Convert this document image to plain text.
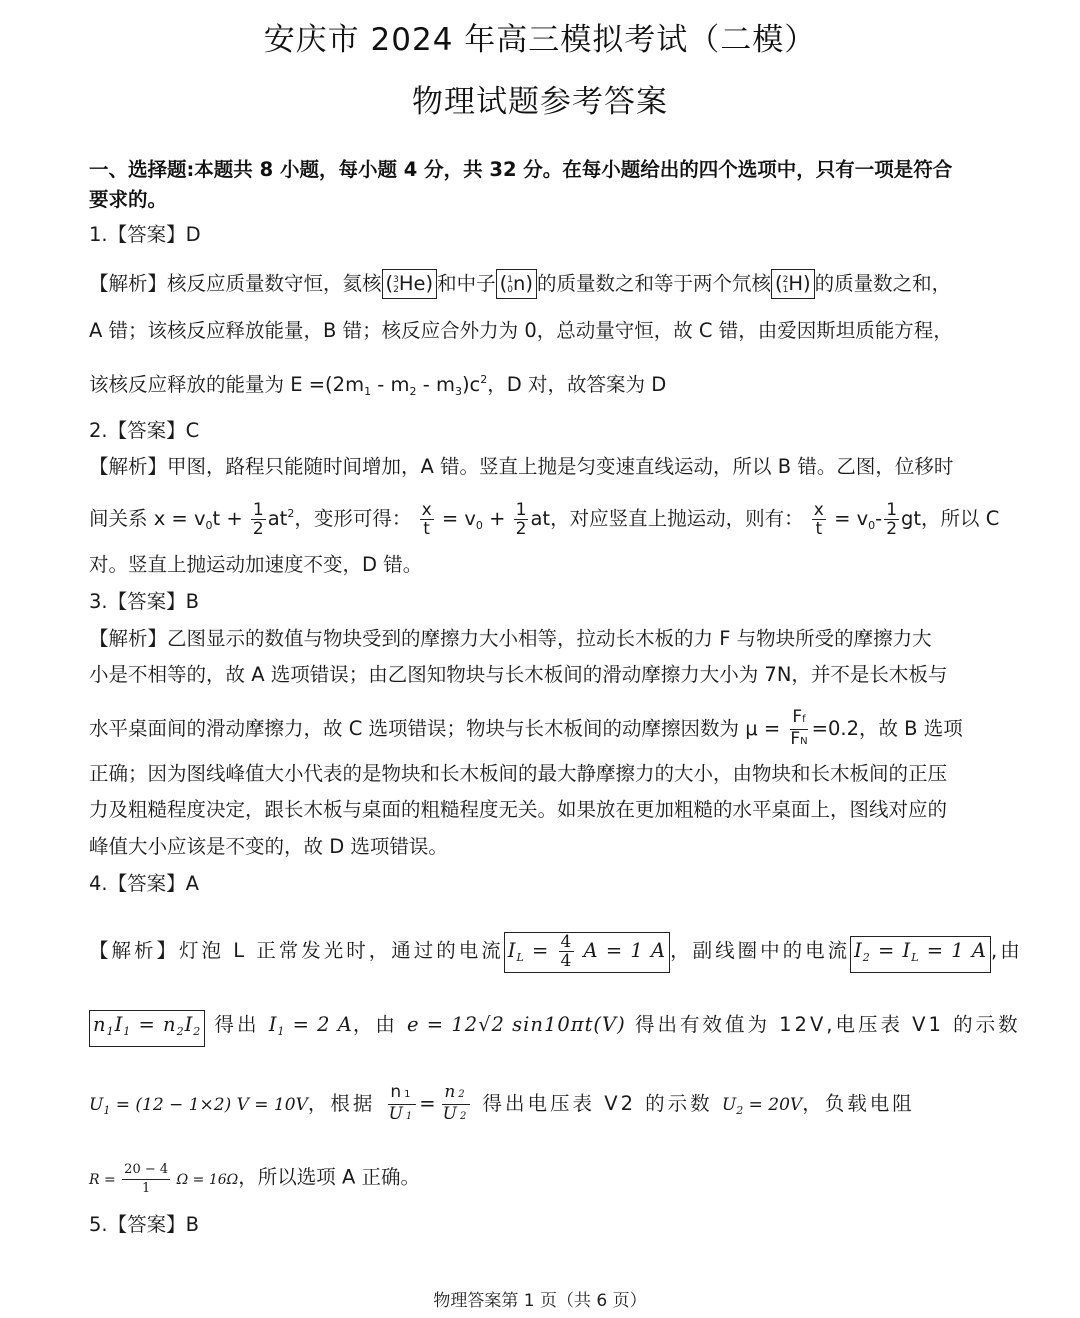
安庆市 2024 年高三模拟考试（二模）
物理试题参考答案
一、选择题:本题共 8 小题，每小题 4 分，共 32 分。在每小题给出的四个选项中，只有一项是符合
要求的。
1.【答案】D
【解析】核反应质量数守恒，氦核 ( 3
2 He) 和中子 ( 1
0 n) 的质量数之和等于两个氘核 ( 2
1 H) 的质量数之和，
A 错；该核反应释放能量，B 错；核反应合外力为 0，总动量守恒，故 C 错，由爱因斯坦质能方程，
该核反应释放的能量为 $E =(2m_1 - m_2 - m_3)c^2$，D 对，故答案为 D
2.【答案】C
【解析】甲图，路程只能随时间增加，A 错。竖直上抛是匀变速直线运动，所以 B 错。乙图，位移时
间关系 $x = v_0t + \frac{1}{2} at^2$，变形可得： $\frac{x}{t} = v_0 + \frac{1}{2}$ at，对应竖直上抛运动，则有： $\frac{x}{t} = v_0- \frac{1}{2}$ gt，所以 C
对。竖直上抛运动加速度不变，D 错。
3.【答案】B
【解析】乙图显示的数值与物块受到的摩擦力大小相等，拉动长木板的力 F 与物块所受的摩擦力大
小是不相等的，故 A 选项错误；由乙图知物块与长木板间的滑动摩擦力大小为 7N，并不是长木板与
水平桌面间的滑动摩擦力，故 C 选项错误；物块与长木板间的动摩擦因数为 $\mu = \frac{Ff}{FN} =0.2$，故 B 选项
正确；因为图线峰值大小代表的是物块和长木板间的最大静摩擦力的大小，由物块和长木板间的正压
力及粗糙程度决定，跟长木板与桌面的粗糙程度无关。如果放在更加粗糙的水平桌面上，图线对应的
峰值大小应该是不变的，故 D 选项错误。
4.【答案】A
【解析】灯泡 L 正常发光时，通过的电流 $I_L = \frac{4}{4}$ A = 1 A ，副线圈中的电流 $I_2 = I_L = 1$ A ,由
$n_1I_1 = n_2I_2$ 得出 $I_1 = 2$ A，由 e = 12√2 sin10πt(V) 得出有效值为 12V,电压表 V1 的示数
$U_1 = (12 - 1\times 2) V = 10V$，根据 $\frac{n1}{U1} = \frac{n2}{U2}$ 得出电压表 V2 的示数 $U_2 = 20V$，负载电阻
$R = \frac{20 - 4}{1}$ Ω = 16Ω，所以选项 A 正确。
5.【答案】B
物理答案第 1 页（共 6 页）
